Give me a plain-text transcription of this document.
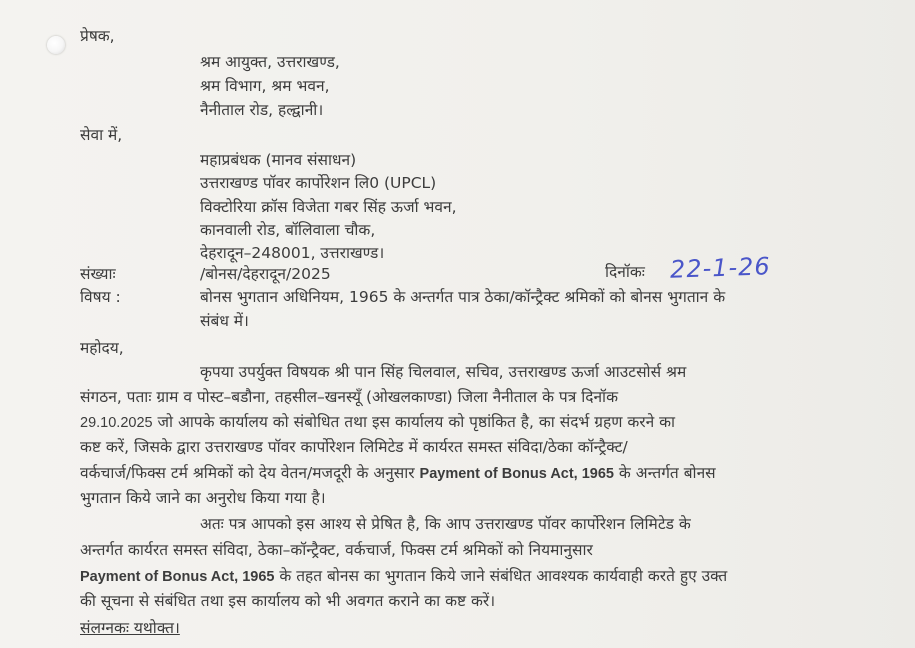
प्रेषक,
श्रम आयुक्त, उत्तराखण्ड,
श्रम विभाग, श्रम भवन,
नैनीताल रोड, हल्द्वानी।
सेवा में,
महाप्रबंधक (मानव संसाधन)
उत्तराखण्ड पॉवर कार्पोरेशन लि0 (UPCL)
विक्टोरिया क्रॉस विजेता गबर सिंह ऊर्जा भवन,
कानवाली रोड, बॉलिवाला चौक,
देहरादून–248001, उत्तराखण्ड।
संख्याः	/बोनस/देहरादून/2025	दिनॉकः 22-1-26
विषय :	बोनस भुगतान अधिनियम, 1965 के अन्तर्गत पात्र ठेका/कॉन्ट्रैक्ट श्रमिकों को बोनस भुगतान के
संबंध में।
महोदय,
कृपया उपर्युक्त विषयक श्री पान सिंह चिलवाल, सचिव, उत्तराखण्ड ऊर्जा आउटसोर्स श्रम
संगठन, पताः ग्राम व पोस्ट–बडौना, तहसील–खनस्यूँ (ओखलकाण्डा) जिला नैनीताल के पत्र दिनॉक
29.10.2025 जो आपके कार्यालय को संबोधित तथा इस कार्यालय को पृष्ठांकित है, का संदर्भ ग्रहण करने का
कष्ट करें, जिसके द्वारा उत्तराखण्ड पॉवर कार्पोरेशन लिमिटेड में कार्यरत समस्त संविदा/ठेका कॉन्ट्रैक्ट/
वर्कचार्ज/फिक्स टर्म श्रमिकों को देय वेतन/मजदूरी के अनुसार Payment of Bonus Act, 1965 के अन्तर्गत बोनस
भुगतान किये जाने का अनुरोध किया गया है।
अतः पत्र आपको इस आश्य से प्रेषित है, कि आप उत्तराखण्ड पॉवर कार्पोरेशन लिमिटेड के
अन्तर्गत कार्यरत समस्त संविदा, ठेका–कॉन्ट्रैक्ट, वर्कचार्ज, फिक्स टर्म श्रमिकों को नियमानुसार
Payment of Bonus Act, 1965 के तहत बोनस का भुगतान किये जाने संबंधित आवश्यक कार्यवाही करते हुए उक्त
की सूचना से संबंधित तथा इस कार्यालय को भी अवगत कराने का कष्ट करें।
संलग्नकः यथोक्त।
